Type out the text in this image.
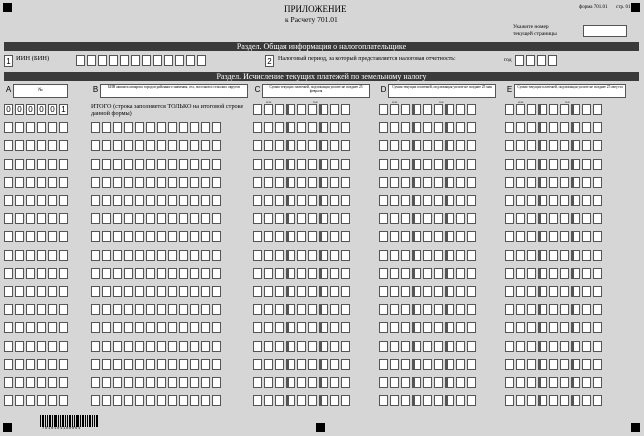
ПРИЛОЖЕНИЕ
к Расчету 701.01
форма 701.01 стр. 01
Укажите номер
текущей страницы
Раздел. Общая информация о налогоплательщике
1 ИИН (БИН)	2	Налоговый период, за который представляется налоговая отчетность:	год
Раздел. Исчисление текущих платежей по земельному налогу
A	№	B	БИН акимата аппарата городов районного значения, сел, поселков и сельских округов	C	Сумма текущих платежей, подлежащая уплате не позднее 25 февраля	D	Сумма текущих платежей, подлежащая уплате не позднее 25 мая	E	Сумма текущих платежей, подлежащая уплате не позднее 25 августа
млн	тыс	млн	тыс	млн	тыс
0 0 0 0 0 1	ИТОГО (строка заполняется ТОЛЬКО на итоговой строке данной формы)
7010101100001
